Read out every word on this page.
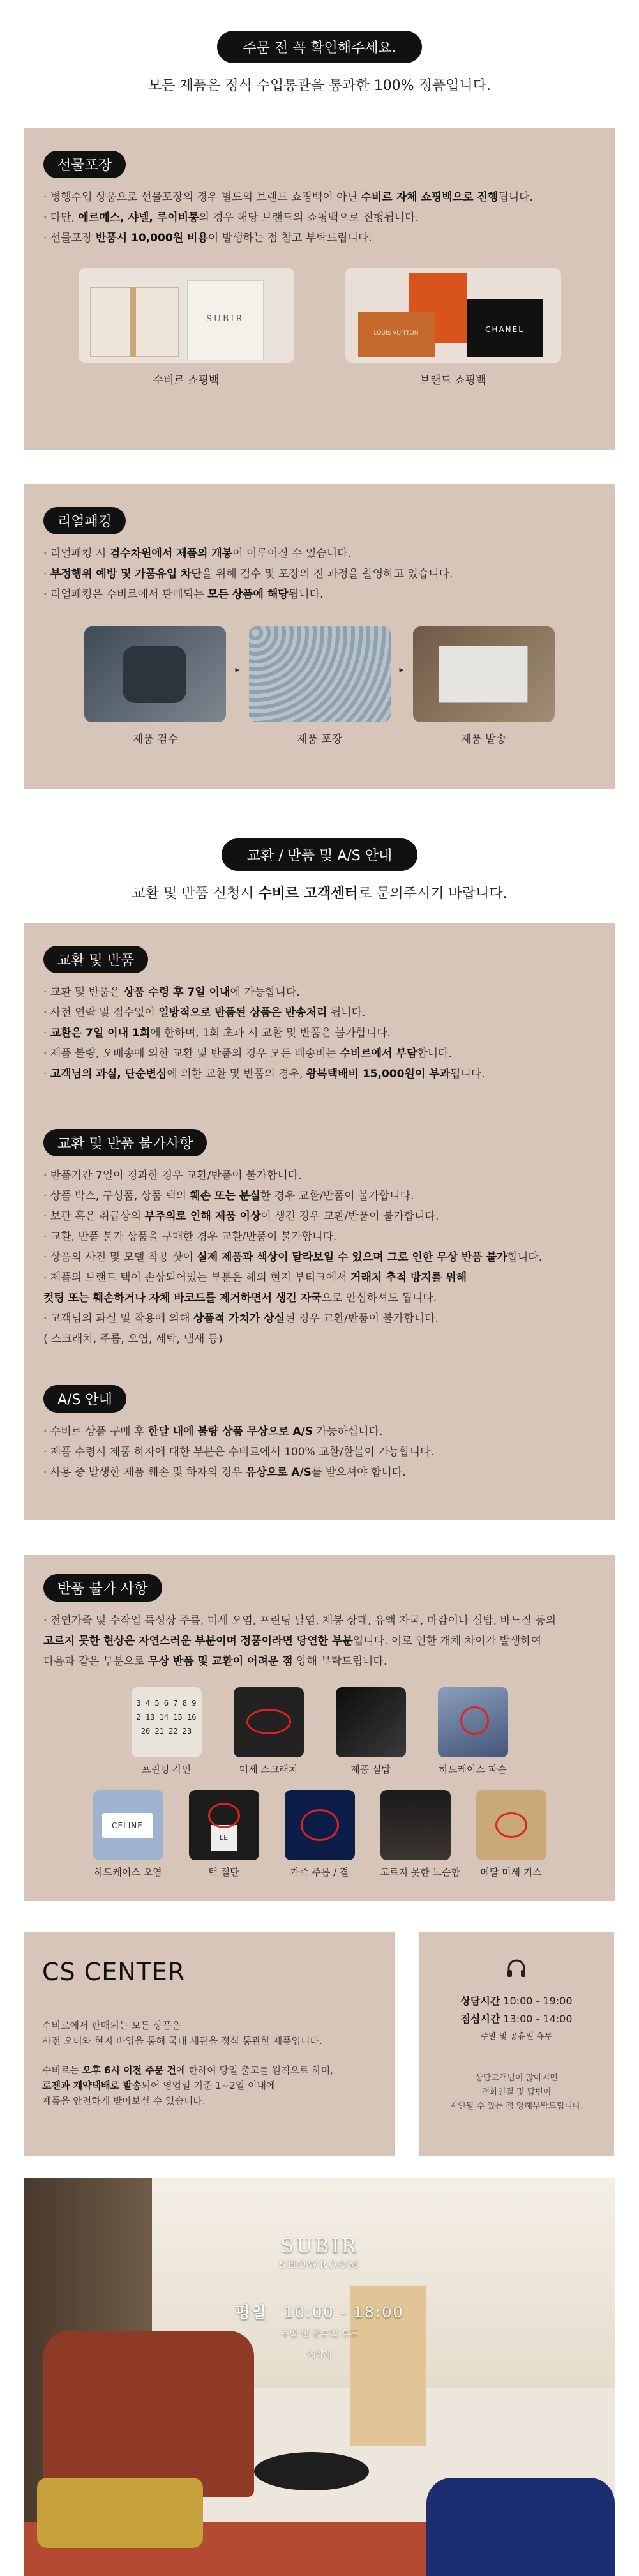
주문 전 꼭 확인해주세요.
모든 제품은 정식 수입통관을 통과한 100% 정품입니다.
선물포장
· 병행수입 상품으로 선물포장의 경우 별도의 브랜드 쇼핑백이 아닌 수비르 자체 쇼핑백으로 진행됩니다.
· 다만, 에르메스, 샤넬, 루이비통의 경우 해당 브랜드의 쇼핑백으로 진행됩니다.
· 선물포장 반품시 10,000원 비용이 발생하는 점 참고 부탁드립니다.
SUBIR
수비르 쇼핑백
LOUIS VUITTON	CHANEL
브랜드 쇼핑백
리얼패킹
· 리얼패킹 시 검수차원에서 제품의 개봉이 이루어질 수 있습니다.
· 부정행위 예방 및 가품유입 차단을 위해 검수 및 포장의 전 과정을 촬영하고 있습니다.
· 리얼패킹은 수비르에서 판매되는 모든 상품에 해당됩니다.
제품 검수
▸
제품 포장
▸
제품 발송
교환 / 반품 및 A/S 안내
교환 및 반품 신청시 수비르 고객센터로 문의주시기 바랍니다.
교환 및 반품
· 교환 및 반품은 상품 수령 후 7일 이내에 가능합니다.
· 사전 연락 및 접수없이 일방적으로 반품된 상품은 반송처리 됩니다.
· 교환은 7일 이내 1회에 한하며, 1회 초과 시 교환 및 반품은 불가합니다.
· 제품 불량, 오배송에 의한 교환 및 반품의 경우 모든 배송비는 수비르에서 부담합니다.
· 고객님의 과실, 단순변심에 의한 교환 및 반품의 경우, 왕복택배비 15,000원이 부과됩니다.
교환 및 반품 불가사항
· 반품기간 7일이 경과한 경우 교환/반품이 불가합니다.
· 상품 박스, 구성품, 상품 택의 훼손 또는 분실한 경우 교환/반품이 불가합니다.
· 보관 혹은 취급상의 부주의로 인해 제품 이상이 생긴 경우 교환/반품이 불가합니다.
· 교환, 반품 불가 상품을 구매한 경우 교환/반품이 불가합니다.
· 상품의 사진 및 모델 착용 샷이 실제 제품과 색상이 달라보일 수 있으며 그로 인한 무상 반품 불가합니다.
· 제품의 브랜드 택이 손상되어있는 부분은 해외 현지 부티크에서 거래처 추적 방지를 위해
컷팅 또는 훼손하거나 자체 바코드를 제거하면서 생긴 자국으로 안심하셔도 됩니다.
· 고객님의 과실 및 착용에 의해 상품적 가치가 상실된 경우 교환/반품이 불가합니다.
( 스크래치, 주름, 오염, 세탁, 냄새 등)
A/S 안내
· 수비르 상품 구매 후 한달 내에 불량 상품 무상으로 A/S 가능하십니다.
· 제품 수령시 제품 하자에 대한 부분은 수비르에서 100% 교환/환불이 가능합니다.
· 사용 중 발생한 제품 훼손 및 하자의 경우 유상으로 A/S를 받으셔야 합니다.
반품 불가 사항
· 전연가죽 및 수작업 특성상 주름, 미세 오염, 프린팅 날염, 재봉 상태, 유액 자국, 마감이나 실밥, 바느질 등의
고르지 못한 현상은 자연스러운 부분이며 정품이라면 당연한 부분입니다. 이로 인한 개체 차이가 발생하여
다음과 같은 부분으로 무상 반품 및 교환이 어려운 점 양해 부탁드립니다.
3 4 5 6 7 8 9
2 13 14 15 16
20 21 22 23
프린팅 각인	미세 스크래치	제품 실밥	하드케이스 파손
CELINE
하드케이스 오염
LE
택 절단	가죽 주름 / 결	고르지 못한 느슨함	메탈 미세 기스
CS CENTER
수비르에서 판매되는 모든 상품은
사전 오더와 현지 바잉을 통해 국내 세관을 정식 통관한 제품입니다.
수비르는 오후 6시 이전 주문 건에 한하여 당일 출고를 원칙으로 하며,
로젠과 계약택배로 발송되어 영업일 기준 1~2일 이내에
제품을 안전하게 받아보실 수 있습니다.
상담시간 10:00 - 19:00
점심시간 13:00 - 14:00
주말 및 공휴일 휴무
상담고객님이 많아지면
전화연결 및 답변이
지연될 수 있는 점 양해부탁드립니다.
SUBIR
SHOWROOM
평일 10:00 - 18:00
주말 및 공휴일 휴무
예약제
